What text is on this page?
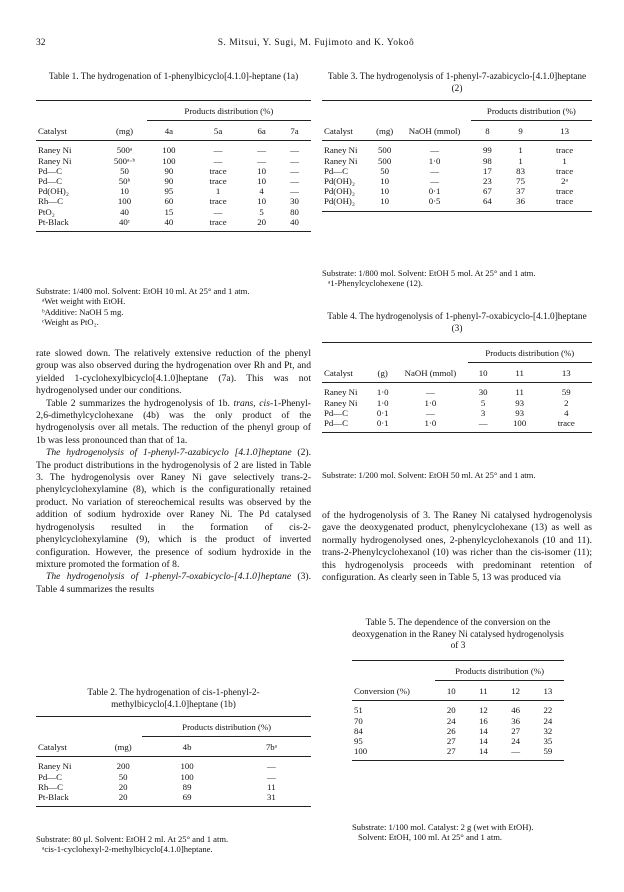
32	S. Mitsui, Y. Sugi, M. Fujimoto and K. Yokoô
Table 1. The hydrogenation of 1-phenylbicyclo[4.1.0]-heptane (1a)
Catalyst	(mg)	Products distribution (%)			
		4a	5a	6a	7a
Raney Ni	500ᵃ	100	—	—	—
Raney Ni	500ᵃ·ᵇ	100	—	—	—
Pd—C	50	90	trace	10	—
Pd—C	50ᵇ	90	trace	10	—
Pd(OH)₂	10	95	1	4	—
Rh—C	100	60	trace	10	30
PtO₂	40	15	—	5	80
Pt-Black	40ᶜ	40	trace	20	40
Substrate: 1/400 mol. Solvent: EtOH 10 ml. At 25° and 1 atm.
ᵃWet weight with EtOH.
ᵇAdditive: NaOH 5 mg.
ᶜWeight as PtO₂.

rate slowed down. The relatively extensive reduction of the phenyl group was also observed during the hydrogenation over Rh and Pt, and yielded 1-cyclohexylbicyclo[4.1.0]heptane (7a). This was not hydrogenolysed under our conditions.

Table 2 summarizes the hydrogenolysis of 1b. trans, cis-1-Phenyl-2,6-dimethylcyclohexane (4b) was the only product of the hydrogenolysis over all metals. The reduction of the phenyl group of 1b was less pronounced than that of 1a.

The hydrogenolysis of 1-phenyl-7-azabicyclo [4.1.0]heptane (2). The product distributions in the hydrogenolysis of 2 are listed in Table 3. The hydrogenolysis over Raney Ni gave selectively trans-2-phenylcyclohexylamine (8), which is the configurationally retained product. No variation of stereochemical results was observed by the addition of sodium hydroxide over Raney Ni. The Pd catalysed hydrogenolysis resulted in the formation of cis-2-phenylcyclohexylamine (9), which is the product of inverted configuration. However, the presence of sodium hydroxide in the mixture promoted the formation of 8.

The hydrogenolysis of 1-phenyl-7-oxabicyclo-[4.1.0]heptane (3). Table 4 summarizes the results

Table 2. The hydrogenation of cis-1-phenyl-2-methylbicyclo[4.1.0]heptane (1b)
Catalyst	(mg)	Products distribution (%)	
		4b	7bᵃ
Raney Ni	200	100	—
Pd—C	50	100	—
Rh—C	20	89	11
Pt-Black	20	69	31
Substrate: 80 µl. Solvent: EtOH 2 ml. At 25° and 1 atm.
ᵃcis-1-cyclohexyl-2-methylbicyclo[4.1.0]heptane.
Table 3. The hydrogenolysis of 1-phenyl-7-azabicyclo-[4.1.0]heptane (2)
Catalyst	(mg)	NaOH (mmol)	Products distribution (%)		
			8	9	13
Raney Ni	500	—	99	1	trace
Raney Ni	500	1·0	98	1	1
Pd—C	50	—	17	83	trace
Pd(OH)₂	10	—	23	75	2ᵃ
Pd(OH)₂	10	0·1	67	37	trace
Pd(OH)₂	10	0·5	64	36	trace
Substrate: 1/800 mol. Solvent: EtOH 5 mol. At 25° and 1 atm.
ᵃ1-Phenylcyclohexene (12).
Table 4. The hydrogenolysis of 1-phenyl-7-oxabicyclo-[4.1.0]heptane (3)
Catalyst	(g)	NaOH (mmol)	Products distribution (%)		
			10	11	13
Raney Ni	1·0	—	30	11	59
Raney Ni	1·0	1·0	5	93	2
Pd—C	0·1	—	3	93	4
Pd—C	0·1	1·0	—	100	trace
Substrate: 1/200 mol. Solvent: EtOH 50 ml. At 25° and 1 atm.

of the hydrogenolysis of 3. The Raney Ni catalysed hydrogenolysis gave the deoxygenated product, phenylcyclohexane (13) as well as normally hydrogenolysed ones, 2-phenylcyclohexanols (10 and 11). trans-2-Phenylcyclohexanol (10) was richer than the cis-isomer (11); this hydrogenolysis proceeds with predominant retention of configuration. As clearly seen in Table 5, 13 was produced via

Table 5. The dependence of the conversion on the deoxygenation in the Raney Ni catalysed hydrogenolysis of 3
Conversion (%)	Products distribution (%)			
	10	11	12	13
51	20	12	46	22
70	24	16	36	24
84	26	14	27	32
95	27	14	24	35
100	27	14	—	59
Substrate: 1/100 mol. Catalyst: 2 g (wet with EtOH).
Solvent: EtOH, 100 ml. At 25° and 1 atm.
